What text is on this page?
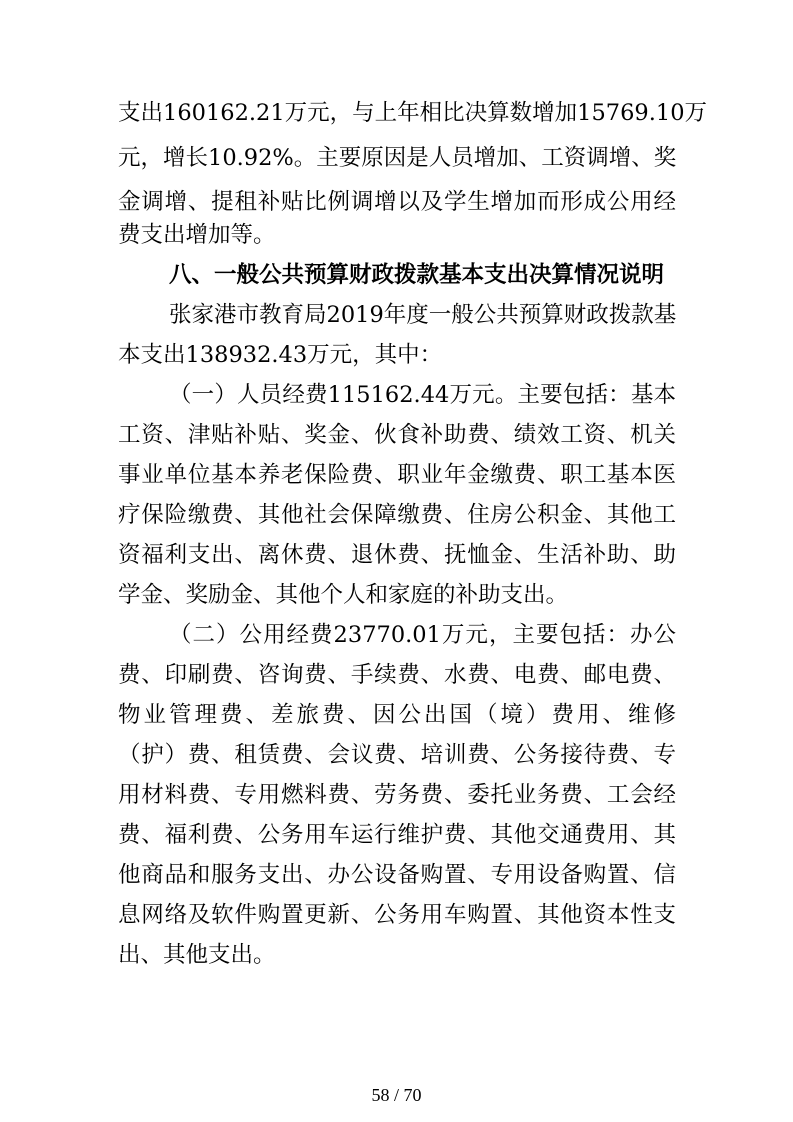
支出160162.21万元，与上年相比决算数增加15769.10万
元，增长10.92%。主要原因是人员增加、工资调增、奖
金调增、提租补贴比例调增以及学生增加而形成公用经
费支出增加等。
八、一般公共预算财政拨款基本支出决算情况说明
张家港市教育局2019年度一般公共预算财政拨款基
本支出138932.43万元，其中：
（一）人员经费115162.44万元。主要包括：基本
工资、津贴补贴、奖金、伙食补助费、绩效工资、机关
事业单位基本养老保险费、职业年金缴费、职工基本医
疗保险缴费、其他社会保障缴费、住房公积金、其他工
资福利支出、离休费、退休费、抚恤金、生活补助、助
学金、奖励金、其他个人和家庭的补助支出。
（二）公用经费23770.01万元，主要包括：办公
费、印刷费、咨询费、手续费、水费、电费、邮电费、
物业管理费、差旅费、因公出国（境）费用、维修
（护）费、租赁费、会议费、培训费、公务接待费、专
用材料费、专用燃料费、劳务费、委托业务费、工会经
费、福利费、公务用车运行维护费、其他交通费用、其
他商品和服务支出、办公设备购置、专用设备购置、信
息网络及软件购置更新、公务用车购置、其他资本性支
出、其他支出。
58 / 70
